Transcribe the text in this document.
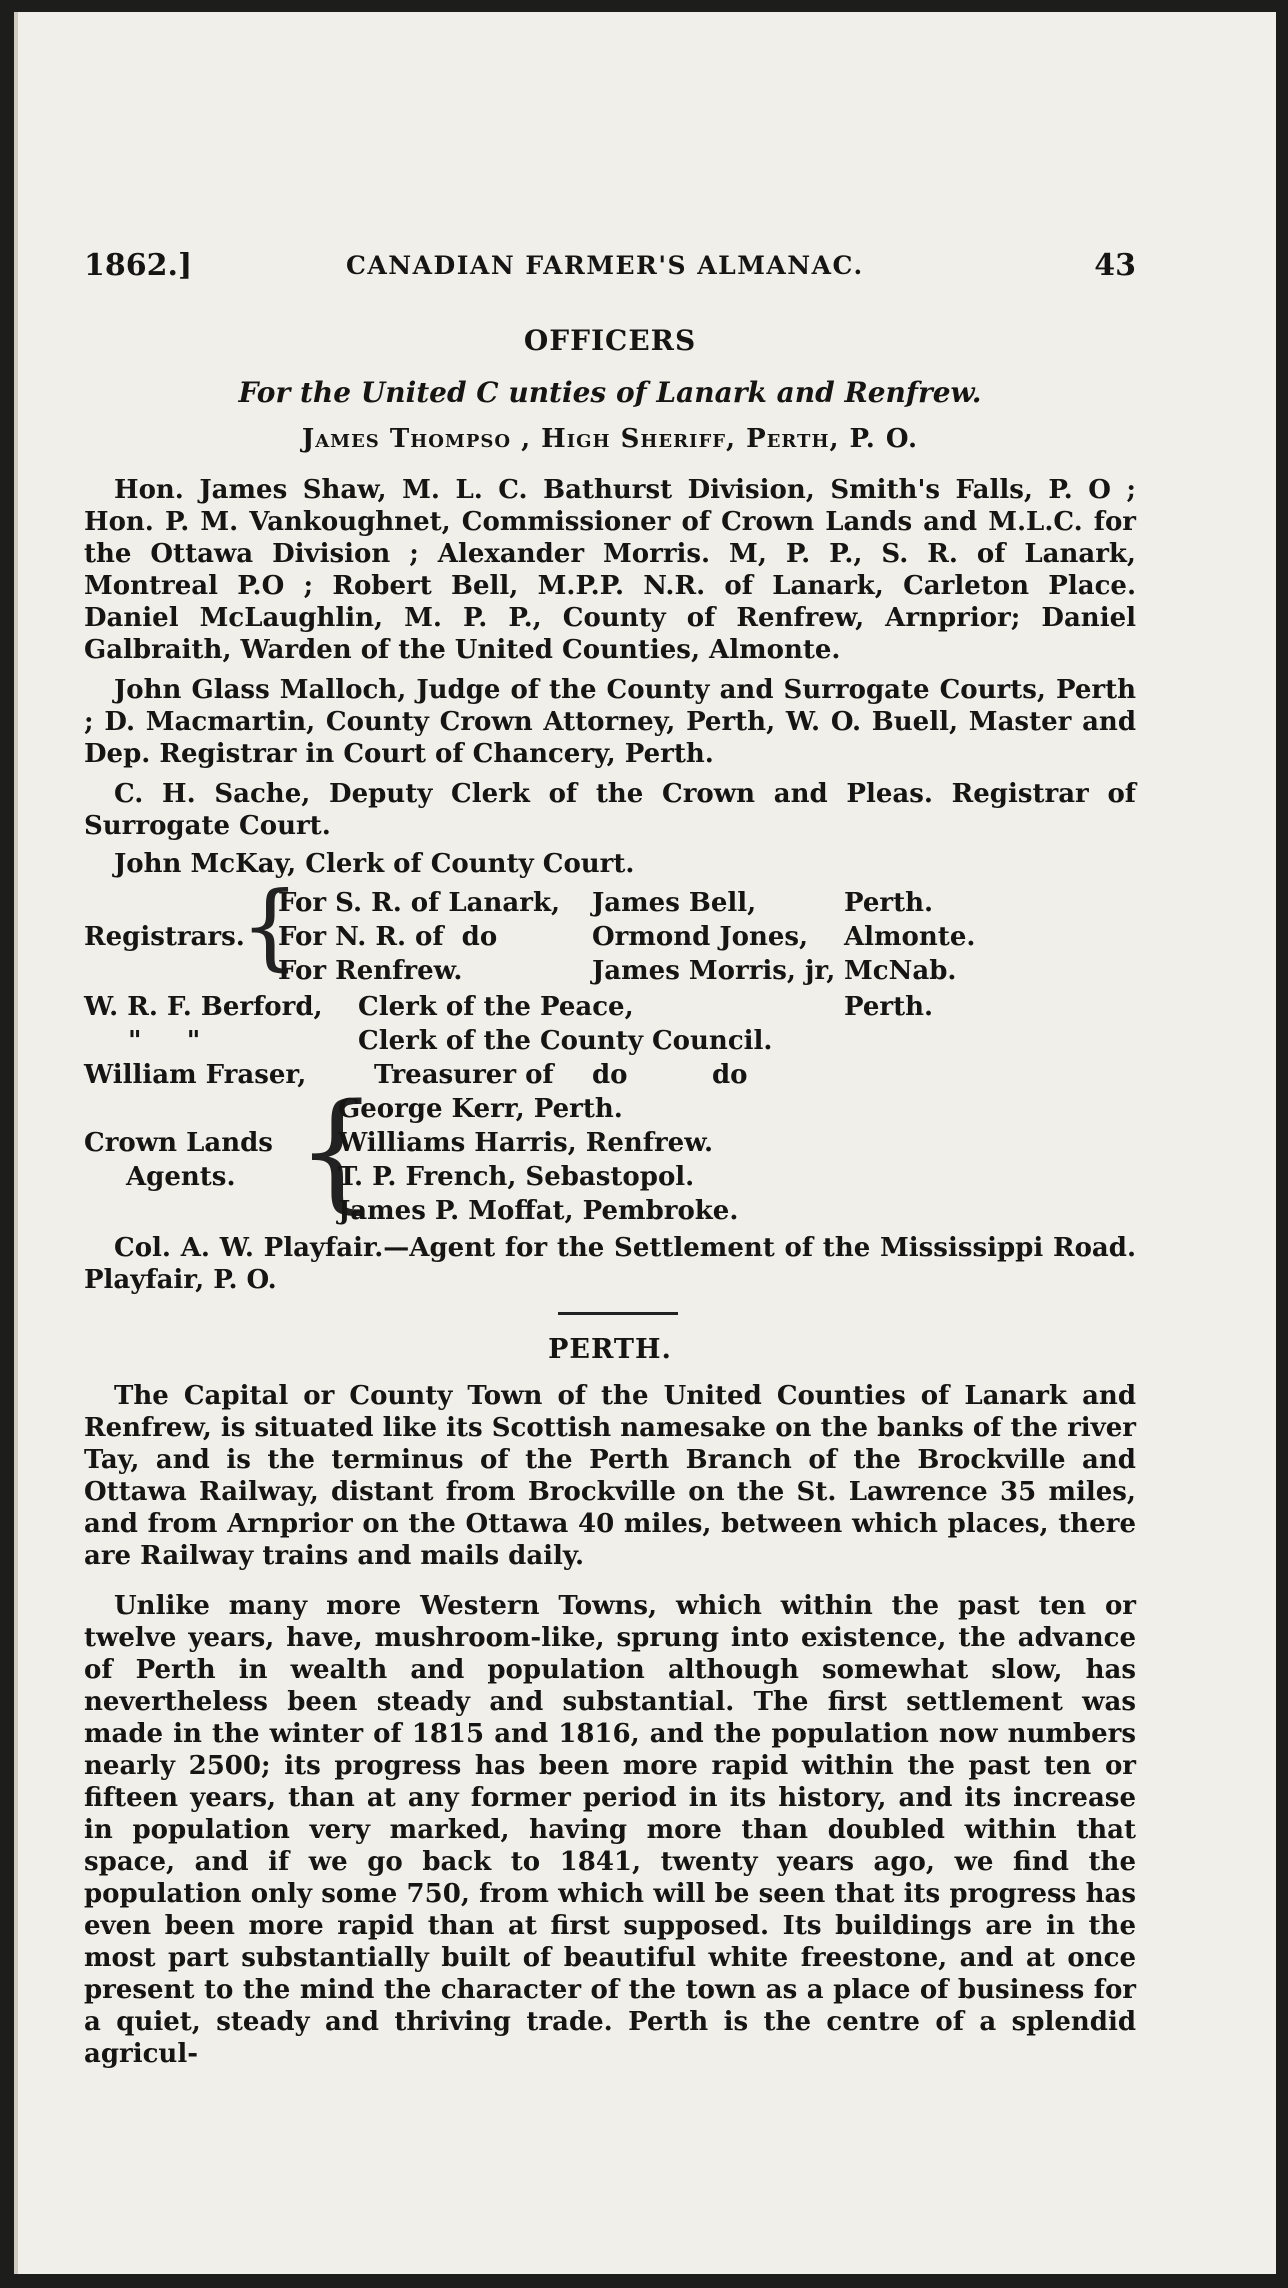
1862.]	CANADIAN FARMER'S ALMANAC.	43
OFFICERS
For the United C unties of Lanark and Renfrew.
James Thompso , High Sheriff, Perth, P. O.

Hon. James Shaw, M. L. C. Bathurst Division, Smith's Falls, P. O ; Hon. P. M. Vankoughnet, Commissioner of Crown Lands and M.L.C. for the Ottawa Division ; Alexander Morris. M, P. P., S. R. of Lanark, Montreal P.O ; Robert Bell, M.P.P. N.R. of Lanark, Carleton Place. Daniel McLaughlin, M. P. P., County of Renfrew, Arnprior; Daniel Galbraith, Warden of the United Counties, Almonte.

John Glass Malloch, Judge of the County and Surrogate Courts, Perth ; D. Macmartin, County Crown Attorney, Perth, W. O. Buell, Master and Dep. Registrar in Court of Chancery, Perth.

C. H. Sache, Deputy Clerk of the Crown and Pleas. Registrar of Surrogate Court.

John McKay, Clerk of County Court.

Registrars.
{
For S. R. of Lanark, James Bell,	Perth.
For N. R. of  do	Ormond Jones, Almonte.
For Renfrew.	James Morris, jr, McNab.
W. R. F. Berford, Clerk of the Peace,	Perth.
"     "	Clerk of the County Council.
William Fraser,	Treasurer of do	do
Crown Lands
Agents. {
George Kerr, Perth.
Williams Harris, Renfrew.
T. P. French, Sebastopol.
James P. Moffat, Pembroke.

Col. A. W. Playfair.—Agent for the Settlement of the Mississippi Road. Playfair, P. O.

PERTH.

The Capital or County Town of the United Counties of Lanark and Renfrew, is situated like its Scottish namesake on the banks of the river Tay, and is the terminus of the Perth Branch of the Brockville and Ottawa Railway, distant from Brockville on the St. Lawrence 35 miles, and from Arnprior on the Ottawa 40 miles, between which places, there are Railway trains and mails daily.

Unlike many more Western Towns, which within the past ten or twelve years, have, mushroom-like, sprung into existence, the advance of Perth in wealth and population although somewhat slow, has nevertheless been steady and substantial. The first settlement was made in the winter of 1815 and 1816, and the population now numbers nearly 2500; its progress has been more rapid within the past ten or fifteen years, than at any former period in its history, and its increase in population very marked, having more than doubled within that space, and if we go back to 1841, twenty years ago, we find the population only some 750, from which will be seen that its progress has even been more rapid than at first supposed. Its buildings are in the most part substantially built of beautiful white freestone, and at once present to the mind the character of the town as a place of business for a quiet, steady and thriving trade. Perth is the centre of a splendid agricul-
